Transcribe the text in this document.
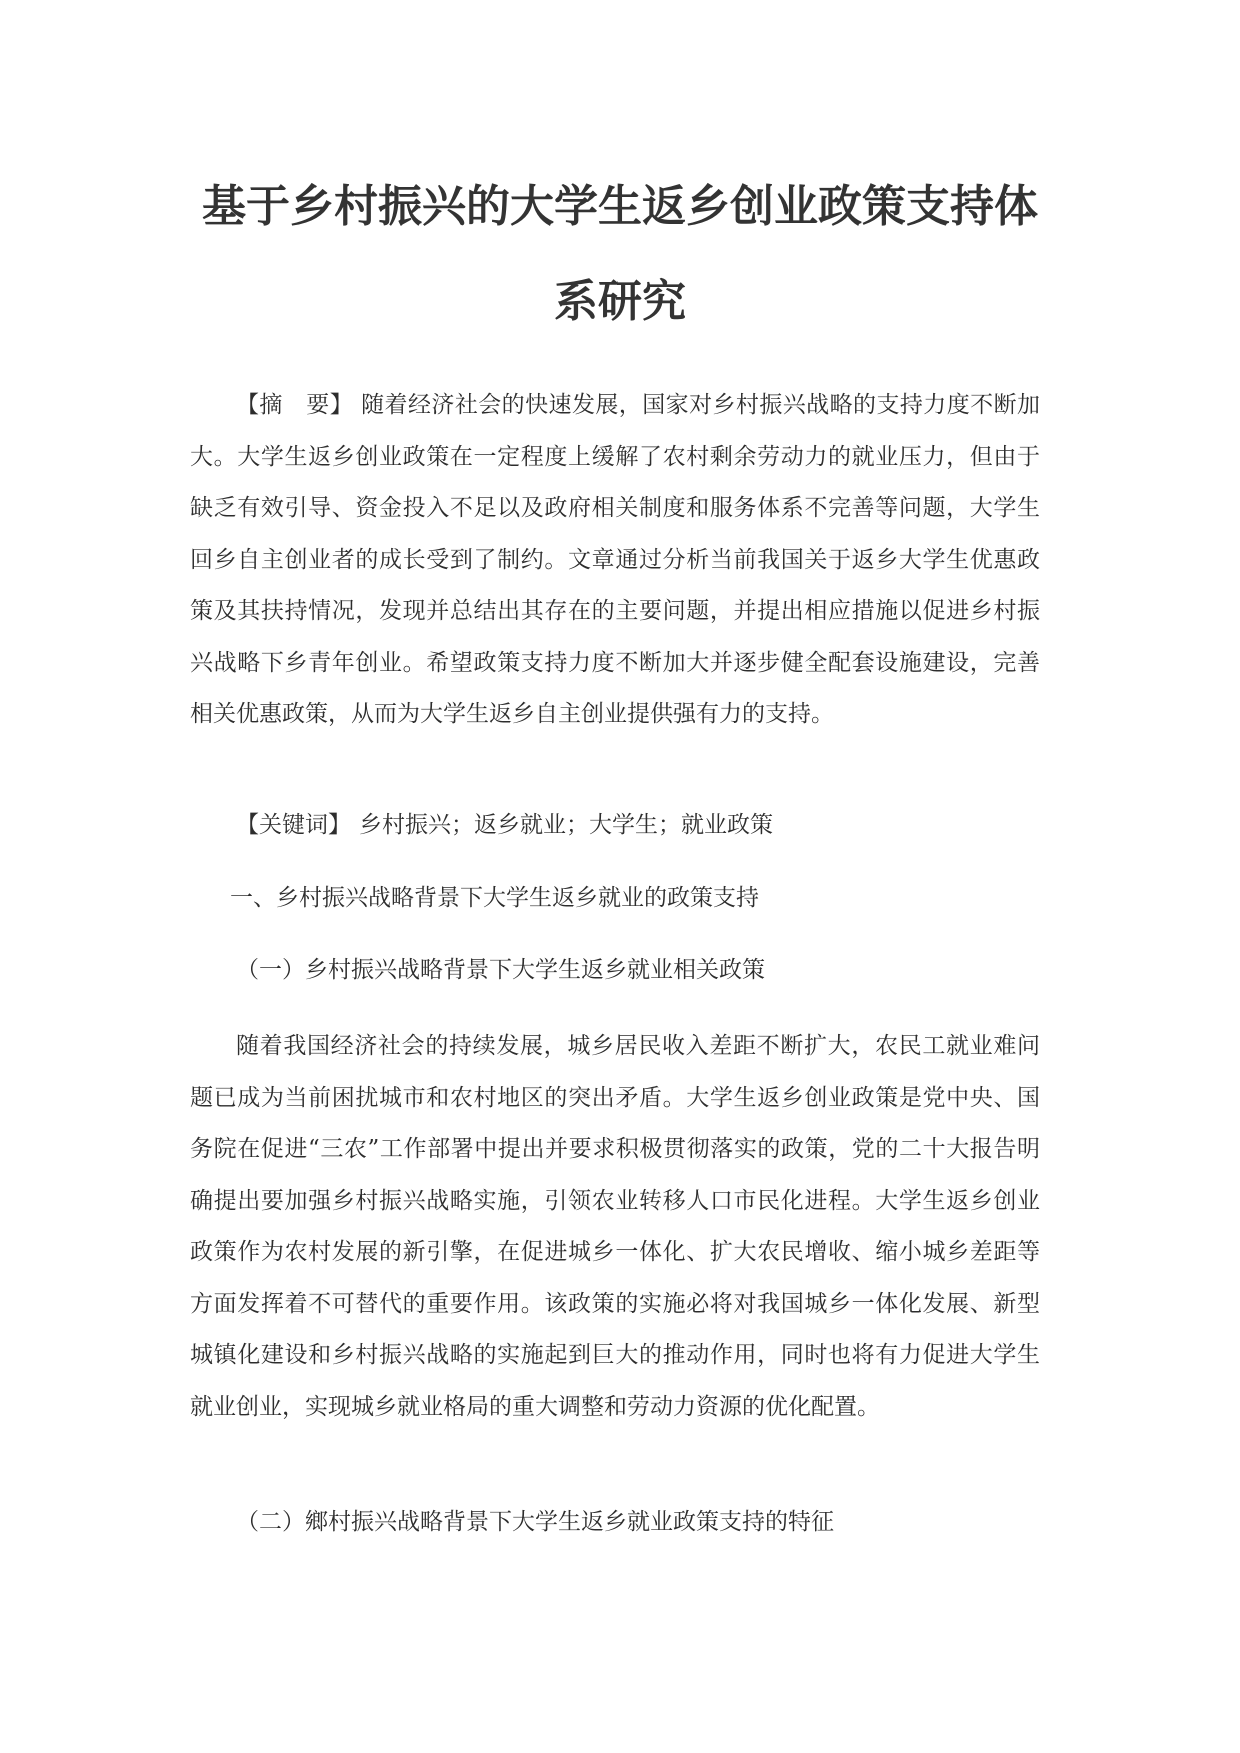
基于乡村振兴的大学生返乡创业政策支持体
系研究

【摘　要】 随着经济社会的快速发展，国家对乡村振兴战略的支持力度不断加大。大学生返乡创业政策在一定程度上缓解了农村剩余劳动力的就业压力，但由于缺乏有效引导、资金投入不足以及政府相关制度和服务体系不完善等问题，大学生回乡自主创业者的成长受到了制约。文章通过分析当前我国关于返乡大学生优惠政策及其扶持情况，发现并总结出其存在的主要问题，并提出相应措施以促进乡村振兴战略下乡青年创业。希望政策支持力度不断加大并逐步健全配套设施建设，完善相关优惠政策，从而为大学生返乡自主创业提供强有力的支持。

【关键词】 乡村振兴；返乡就业；大学生；就业政策

一、乡村振兴战略背景下大学生返乡就业的政策支持

（一）乡村振兴战略背景下大学生返乡就业相关政策

随着我国经济社会的持续发展，城乡居民收入差距不断扩大，农民工就业难问题已成为当前困扰城市和农村地区的突出矛盾。大学生返乡创业政策是党中央、国务院在促进“三农”工作部署中提出并要求积极贯彻落实的政策，党的二十大报告明确提出要加强乡村振兴战略实施，引领农业转移人口市民化进程。大学生返乡创业政策作为农村发展的新引擎，在促进城乡一体化、扩大农民增收、缩小城乡差距等方面发挥着不可替代的重要作用。该政策的实施必将对我国城乡一体化发展、新型城镇化建设和乡村振兴战略的实施起到巨大的推动作用，同时也将有力促进大学生就业创业，实现城乡就业格局的重大调整和劳动力资源的优化配置。

（二）鄉村振兴战略背景下大学生返乡就业政策支持的特征
